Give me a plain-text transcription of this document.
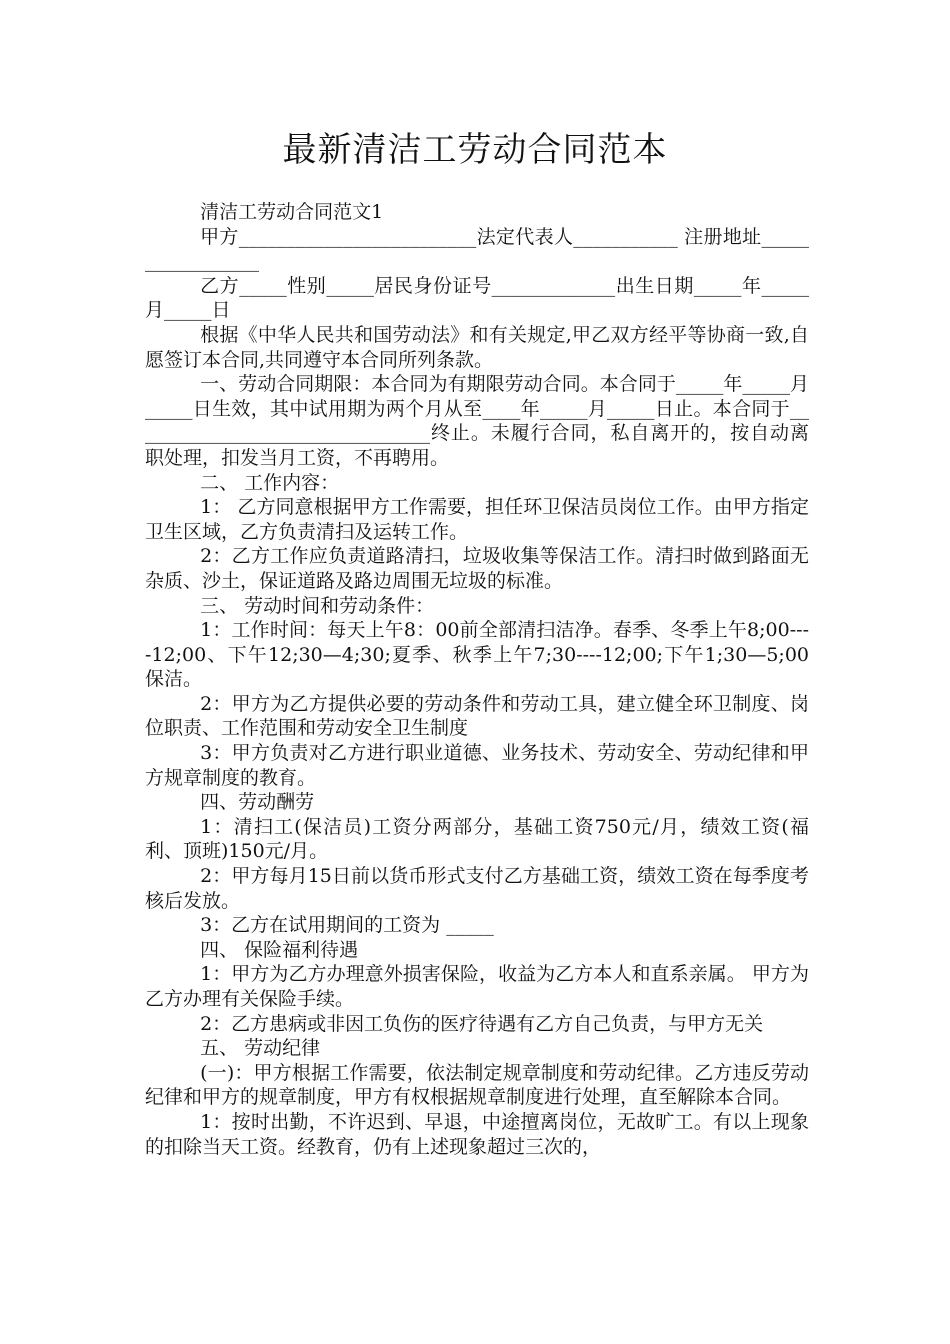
最新清洁工劳动合同范本

清洁工劳动合同范文1

甲方_________________________法定代表人___________ 注册地址_________________

乙方_____性别_____居民身份证号_____________出生日期_____年_____月_____日

根据《中华人民共和国劳动法》和有关规定,甲乙双方经平等协商一致,自愿签订本合同,共同遵守本合同所列条款。

一、劳动合同期限：本合同为有期限劳动合同。本合同于_____年_____月_____日生效，其中试用期为两个月从至____年_____月_____日止。本合同于________________________________终止。未履行合同，私自离开的，按自动离职处理，扣发当月工资，不再聘用。

二、 工作内容：

1： 乙方同意根据甲方工作需要，担任环卫保洁员岗位工作。由甲方指定卫生区域，乙方负责清扫及运转工作。

2：乙方工作应负责道路清扫，垃圾收集等保洁工作。清扫时做到路面无杂质、沙土，保证道路及路边周围无垃圾的标准。

三、 劳动时间和劳动条件：

1：工作时间：每天上午8：00前全部清扫洁净。春季、冬季上午8;00----12;00、下午12;30—4;30;夏季、秋季上午7;30----12;00;下午1;30—5;00保洁。

2：甲方为乙方提供必要的劳动条件和劳动工具，建立健全环卫制度、岗位职责、工作范围和劳动安全卫生制度

3：甲方负责对乙方进行职业道德、业务技术、劳动安全、劳动纪律和甲方规章制度的教育。

四、劳动酬劳

1：清扫工(保洁员)工资分两部分，基础工资750元/月，绩效工资(福利、顶班)150元/月。

2：甲方每月15日前以货币形式支付乙方基础工资，绩效工资在每季度考核后发放。

3：乙方在试用期间的工资为 _____

四、 保险福利待遇

1：甲方为乙方办理意外损害保险，收益为乙方本人和直系亲属。 甲方为乙方办理有关保险手续。

2：乙方患病或非因工负伤的医疗待遇有乙方自己负责，与甲方无关

五、 劳动纪律

(一)：甲方根据工作需要，依法制定规章制度和劳动纪律。乙方违反劳动纪律和甲方的规章制度，甲方有权根据规章制度进行处理，直至解除本合同。

1：按时出勤，不许迟到、早退，中途擅离岗位，无故旷工。有以上现象的扣除当天工资。经教育，仍有上述现象超过三次的，
